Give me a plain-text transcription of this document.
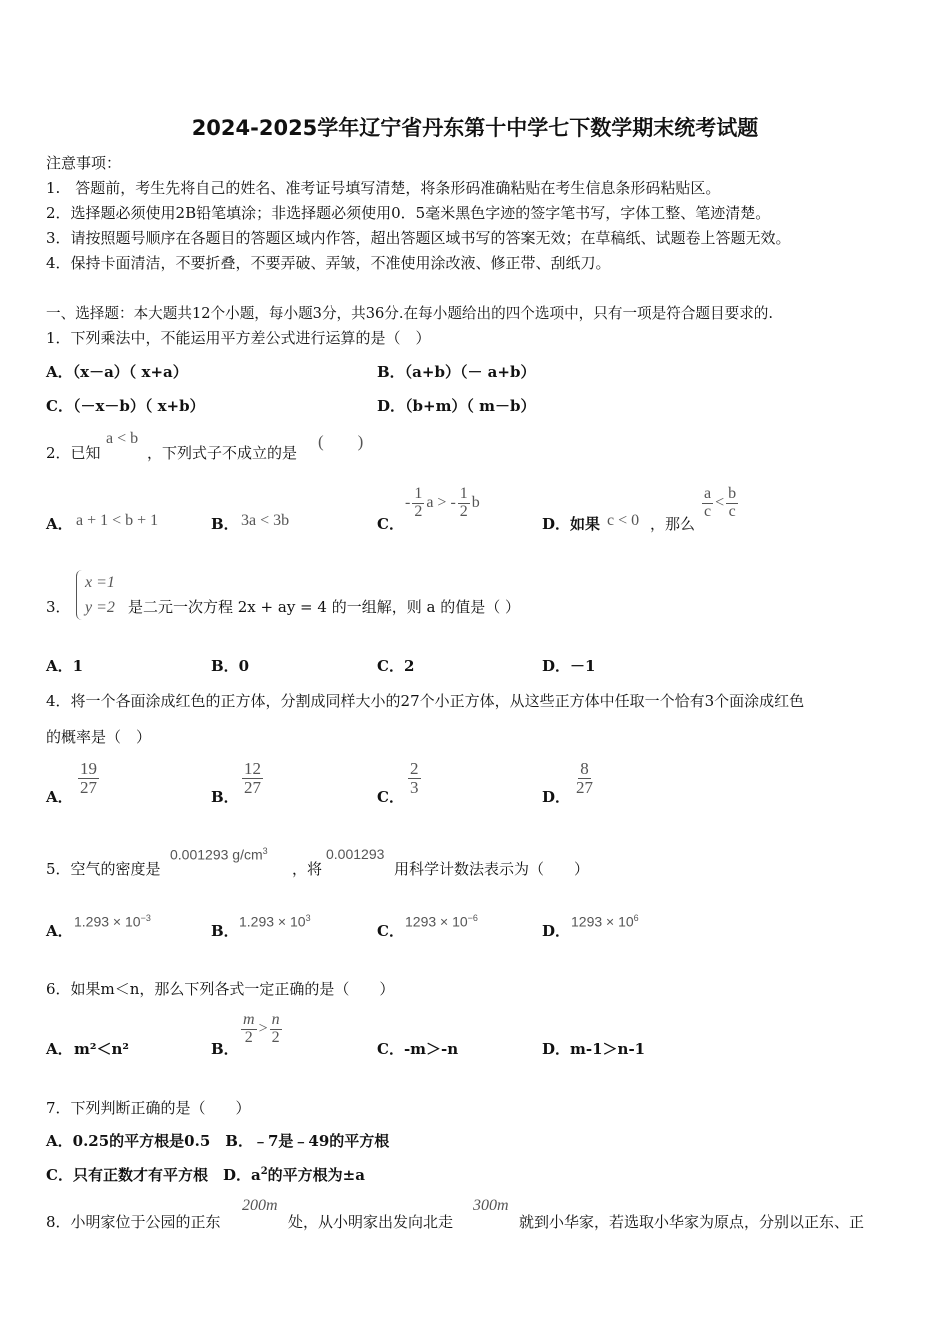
2024-2025学年辽宁省丹东第十中学七下数学期末统考试题
注意事项：
1.　答题前，考生先将自己的姓名、准考证号填写清楚，将条形码准确粘贴在考生信息条形码粘贴区。
2．选择题必须使用2B铅笔填涂；非选择题必须使用0．5毫米黑色字迹的签字笔书写，字体工整、笔迹清楚。
3．请按照题号顺序在各题目的答题区域内作答，超出答题区域书写的答案无效；在草稿纸、试题卷上答题无效。
4．保持卡面清洁，不要折叠，不要弄破、弄皱，不准使用涂改液、修正带、刮纸刀。
一、选择题：本大题共12个小题，每小题3分，共36分.在每小题给出的四个选项中，只有一项是符合题目要求的.
1．下列乘法中，不能运用平方差公式进行运算的是（　）
A．（x－a）（ x+a）	B．（a+b）（－ a+b）
C．（－x－b）（ x+b）	D．（b+m）（ m－b）
2．已知
a < b
，下列式子不成立的是
(　　)
A． a + 1 < b + 1	B． 3a < 3b	C．
- $\frac{1}{2}$ a > - $\frac{1}{2}$ b
D．如果 c < 0 ，那么
$\frac{a}{c} < \frac{b}{c}$
3．
x =1
y =2 是二元一次方程 2x + ay = 4 的一组解，则 a 的值是（ ）
A．1	B．0	C．2	D．－1
4．将一个各面涂成红色的正方体，分割成同样大小的27个小正方体，从这些正方体中任取一个恰有3个面涂成红色
的概率是（　）
A．
$\frac{19}{27}$
B．
$\frac{12}{27}$
C．
$\frac{2}{3}$
D．
$\frac{8}{27}$
5．空气的密度是
0.001293 $g/cm^3$
，将
0.001293
用科学计数法表示为（　　）
A．
$1.293 \times 10^{-3}$
B．
$1.293 \times 10^3$
C．
$1293 \times 10^{-6}$
D．
$1293 \times 10^6$
6．如果m＜n，那么下列各式一定正确的是（　　）
A． m²＜n²	B．
$\frac{m}{2} > \frac{n}{2}$
C．-m＞-n	D．m-1＞n-1
7．下列判断正确的是（　　）
A．0.25的平方根是0.5　B．﹣7是﹣49的平方根
C．只有正数才有平方根　D．$a^2$的平方根为±a
8．小明家位于公园的正东
200m
处，从小明家出发向北走
300m
就到小华家，若选取小华家为原点，分别以正东、正
